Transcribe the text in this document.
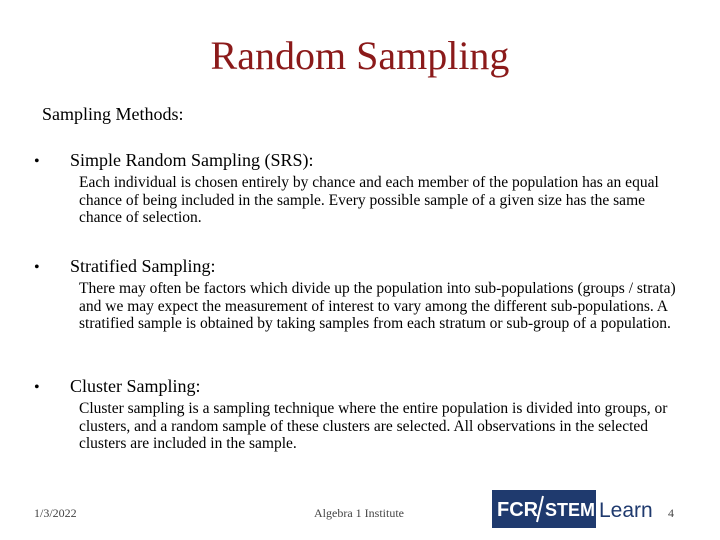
Random Sampling
Sampling Methods:
•	Simple Random Sampling (SRS):
Each individual is chosen entirely by chance and each member of the population has an equal chance of being included in the sample. Every possible sample of a given size has the same chance of selection.
•	Stratified Sampling:
There may often be factors which divide up the population into sub-populations (groups / strata) and we may expect the measurement of interest to vary among the different sub-populations. A stratified sample is obtained by taking samples from each stratum or sub-group of a population.
•	Cluster Sampling:
Cluster sampling is a sampling technique where the entire population is divided into groups, or clusters, and a random sample of these clusters are selected. All observations in the selected clusters are included in the sample.
1/3/2022	Algebra 1 Institute	FCR STEM Learn 4
